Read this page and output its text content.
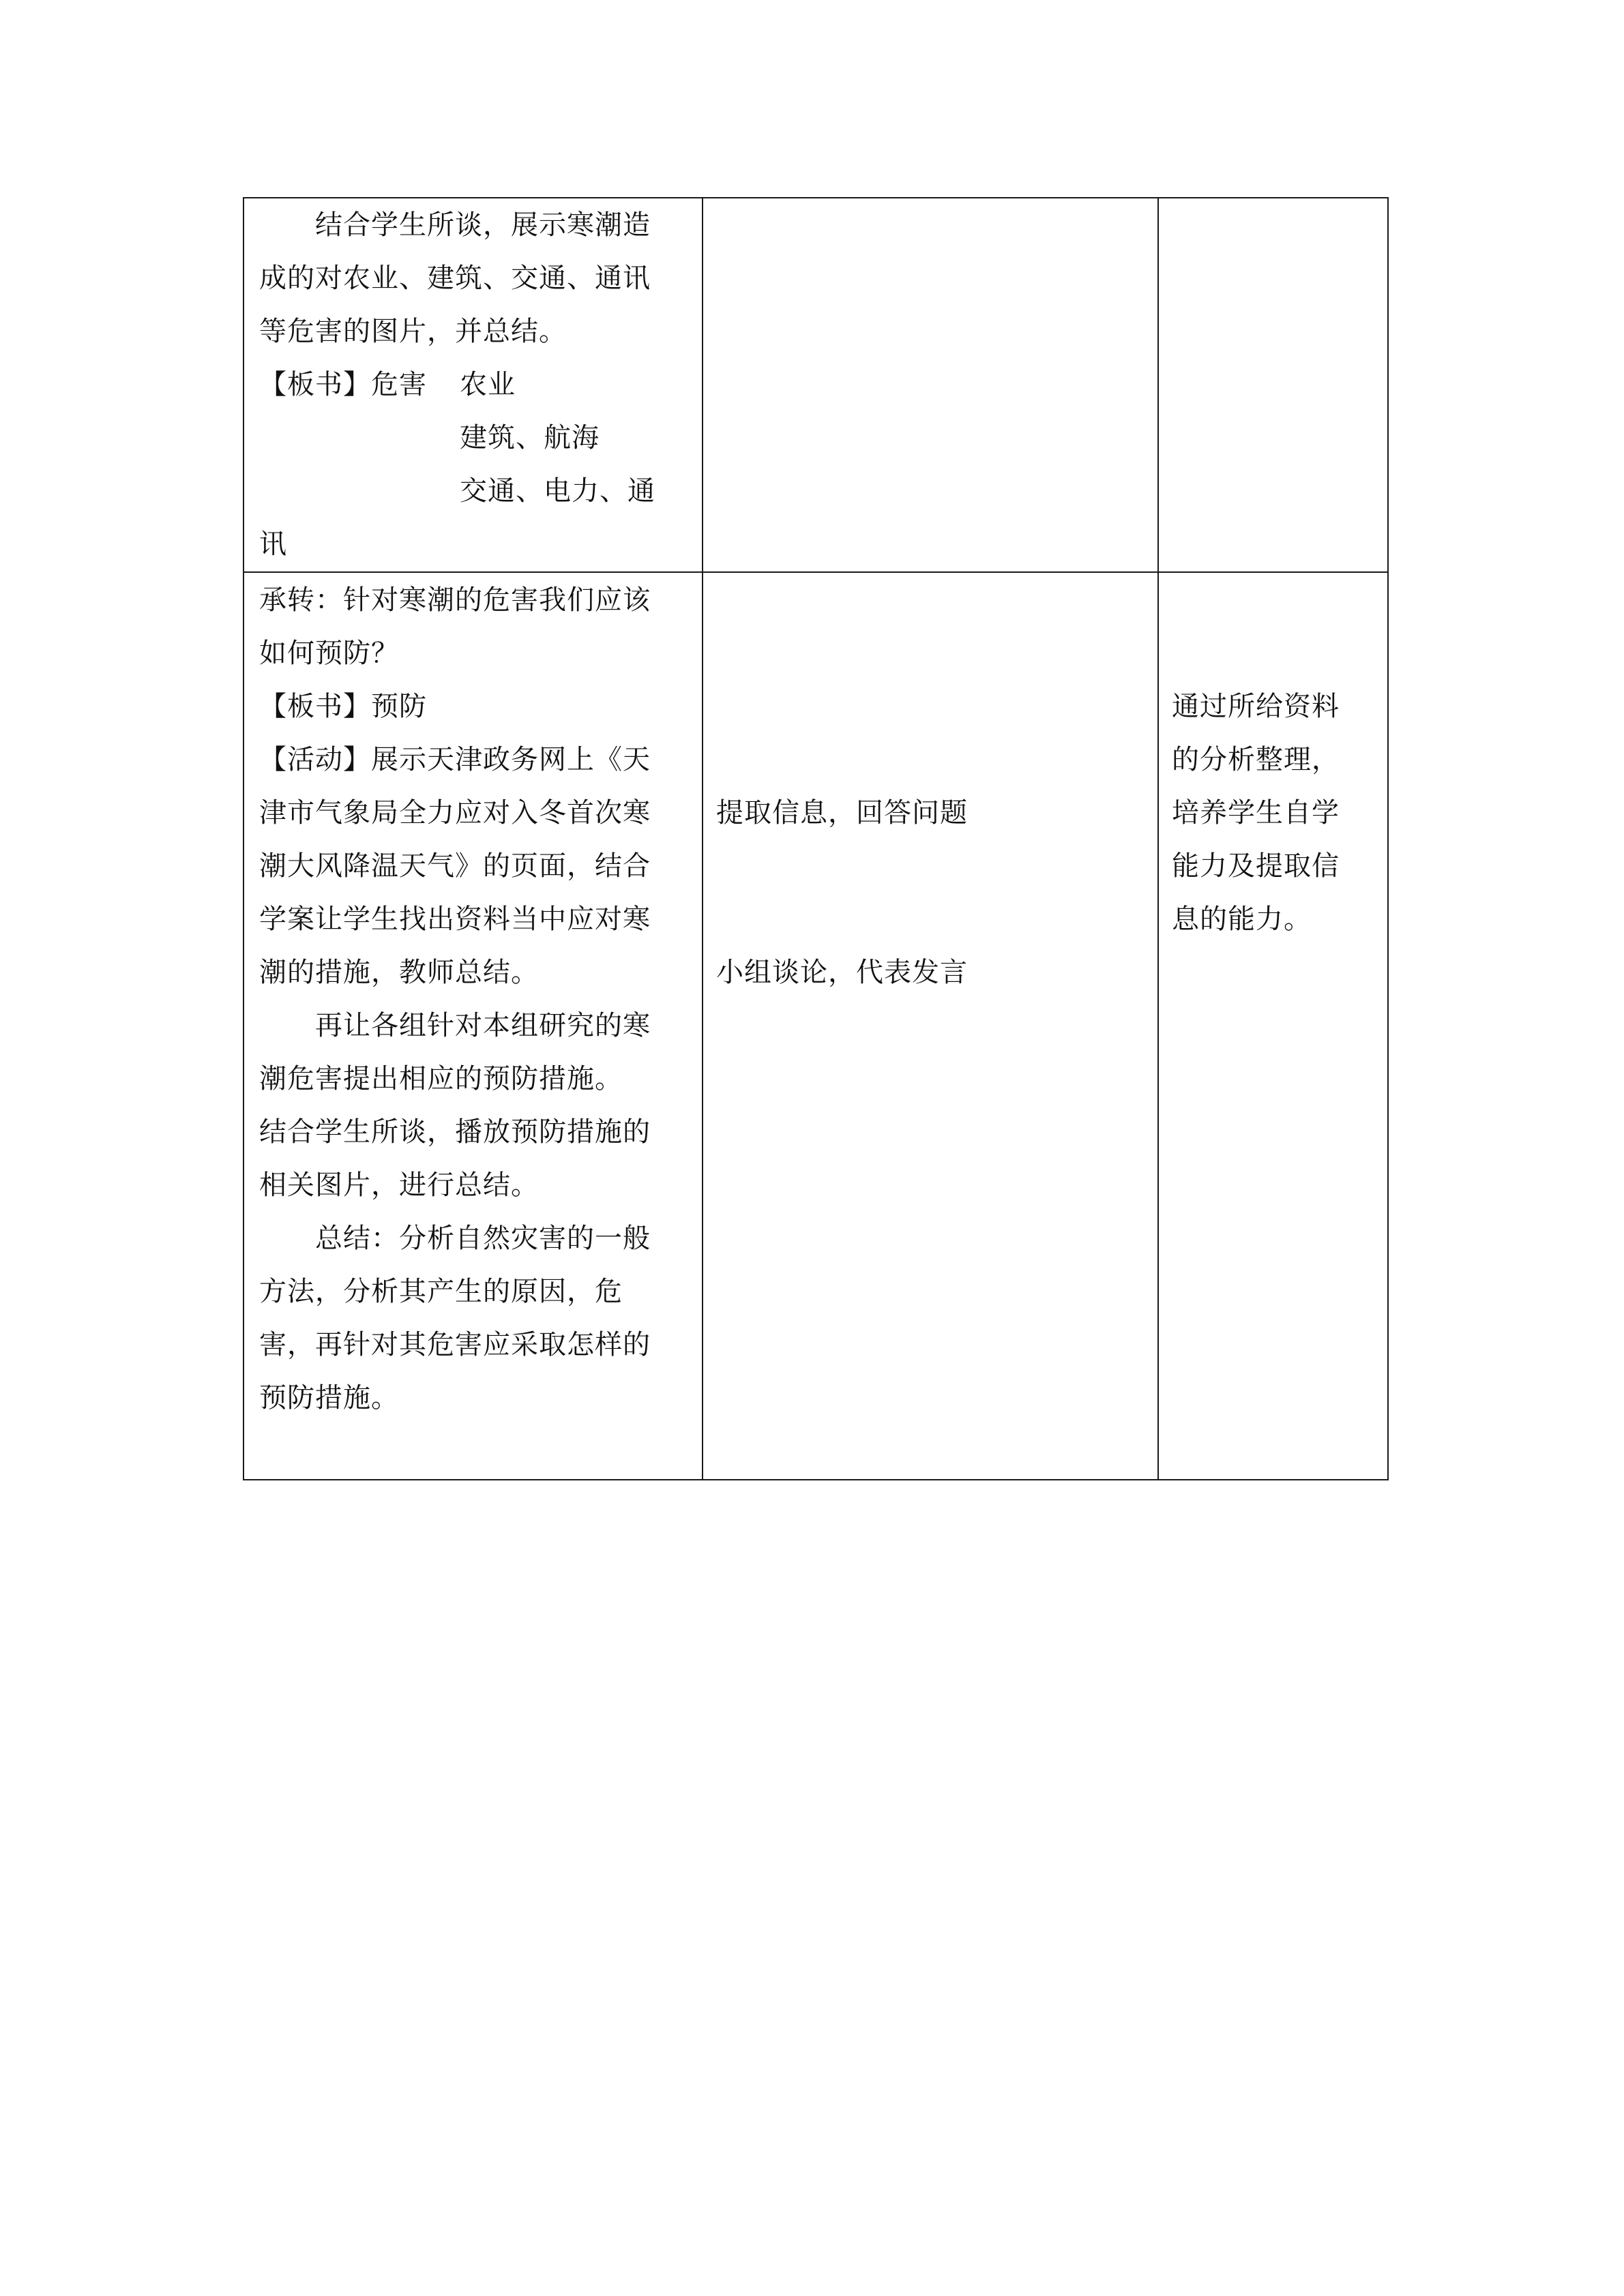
结合学生所谈，展示寒潮造
成的对农业、建筑、交通、通讯
等危害的图片，并总结。
【板书】危害 农业
建筑、航海
交通、电力、通
讯
承转：针对寒潮的危害我们应该
如何预防？
【板书】预防
【活动】展示天津政务网上《天
津市气象局全力应对入冬首次寒
潮大风降温天气》的页面，结合
学案让学生找出资料当中应对寒
潮的措施，教师总结。
再让各组针对本组研究的寒
潮危害提出相应的预防措施。
结合学生所谈，播放预防措施的
相关图片，进行总结。
总结：分析自然灾害的一般
方法，分析其产生的原因，危
害，再针对其危害应采取怎样的
预防措施。
提取信息，回答问题
小组谈论，代表发言
通过所给资料
的分析整理，
培养学生自学
能力及提取信
息的能力。
